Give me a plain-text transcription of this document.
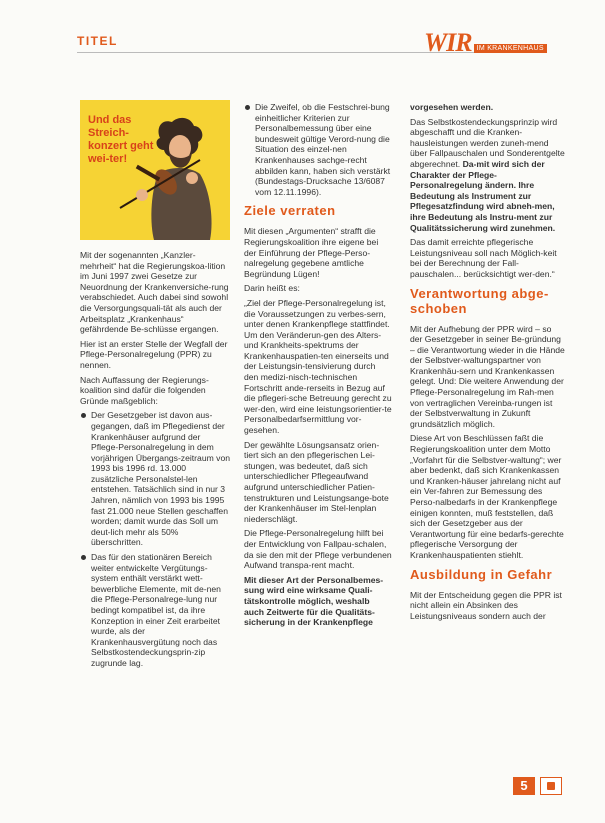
TITEL	WIR IM KRANKENHAUS
Und das Streich-konzert geht wei-ter!

Mit der sogenannten „Kanzler-mehrheit“ hat die Regierungskoa-lition im Juni 1997 zwei Gesetze zur Neuordnung der Krankenversiche-rung verabschiedet. Auch dabei sind sowohl die Versorgungsquali-tät als auch der Arbeitsplatz „Krankenhaus“ gefährdende Be-schlüsse ergangen.

Hier ist an erster Stelle der Wegfall der Pflege-Personalregelung (PPR) zu nennen.

Nach Auffassung der Regierungs-koalition sind dafür die folgenden Gründe maßgeblich:

Der Gesetzgeber ist davon aus-gegangen, daß im Pflegedienst der Krankenhäuser aufgrund der Pflege-Personalregelung in dem vorjährigen Übergangs-zeitraum von 1993 bis 1996 rd. 13.000 zusätzliche Personalstel-len entstehen. Tatsächlich sind in nur 3 Jahren, nämlich von 1993 bis 1995 fast 21.000 neue Stellen geschaffen worden; damit wurde das Soll um deut-lich mehr als 50% überschritten.
Das für den stationären Bereich weiter entwickelte Vergütungs-system enthält verstärkt wett-bewerbliche Elemente, mit de-nen die Pflege-Personalrege-lung nur bedingt kompatibel ist, da ihre Konzeption in einer Zeit erarbeitet wurde, als der Krankenhausvergütung noch das Selbstkostendeckungsprin-zip zugrunde lag.
Die Zweifel, ob die Festschrei-bung einheitlicher Kriterien zur Personalbemessung über eine bundesweit gültige Verord-nung die Situation des einzel-nen Krankenhauses sachge-recht abbilden kann, haben sich verstärkt (Bundestags-Drucksache 13/6087 vom 12.11.1996).
Ziele verraten

Mit diesen „Argumenten“ strafft die Regierungskoalition ihre eigene bei der Einführung der Pflege-Perso-nalregelung gegebene amtliche Begründung Lügen!

Darin heißt es:

„Ziel der Pflege-Personalregelung ist, die Voraussetzungen zu verbes-sern, unter denen Krankenpflege stattfindet. Um den Veränderun-gen des Alters- und Krankheits-spektrums der Krankenhauspatien-ten einerseits und der Leistungsin-tensivierung durch den medizi-nisch-technischen Fortschritt ande-rerseits in Bezug auf die pflegeri-sche Betreuung gerecht zu wer-den, wird eine leistungsorientier-te Personalbedarfsermittlung vor-gesehen.

Der gewählte Lösungsansatz orien-tiert sich an den pflegerischen Lei-stungen, was bedeutet, daß sich unterschiedlicher Pflegeaufwand aufgrund unterschiedlicher Patien-tenstrukturen und Leistungsange-bote der Krankenhäuser im Stel-lenplan niederschlägt.

Die Pflege-Personalregelung hilft bei der Entwicklung von Fallpau-schalen, da sie den mit der Pflege verbundenen Aufwand transpa-rent macht.

Mit dieser Art der Personalbemes-sung wird eine wirksame Quali-tätskontrolle möglich, weshalb auch Zeitwerte für die Qualitäts-sicherung in der Krankenpflege

vorgesehen werden.

Das Selbstkostendeckungsprinzip wird abgeschafft und die Kranken-hausleistungen werden zuneh-mend über Fallpauschalen und Sonderentgelte abgerechnet. Da-mit wird sich der Charakter der Pflege-Personalregelung ändern. Ihre Bedeutung als Instrument zur Pflegesatzfindung wird abneh-men, ihre Bedeutung als Instru-ment zur Qualitätssicherung wird zunehmen.

Das damit erreichte pflegerische Leistungsniveau soll nach Möglich-keit bei der Berechnung der Fall-pauschalen... berücksichtigt wer-den.“

Verantwortung abge-schoben

Mit der Aufhebung der PPR wird – so der Gesetzgeber in seiner Be-gründung – die Verantwortung wieder in die Hände der Selbstver-waltungspartner von Krankenhäu-sern und Krankenkassen gelegt. Und: Die weitere Anwendung der Pflege-Personalregelung im Rah-men von vertraglichen Vereinba-rungen ist der Selbstverwaltung in Zukunft grundsätzlich möglich.

Diese Art von Beschlüssen faßt die Regierungskoalition unter dem Motto „Vorfahrt für die Selbstver-waltung“; wer aber bedenkt, daß sich Krankenkassen und Kranken-häuser jahrelang nicht auf ein Ver-fahren zur Bemessung des Perso-nalbedarfs in der Krankenpflege einigen konnten, muß feststellen, daß sich der Gesetzgeber aus der Verantwortung für eine bedarfs-gerechte pflegerische Versorgung der Krankenhauspatienten stiehlt.

Ausbildung in Gefahr

Mit der Entscheidung gegen die PPR ist nicht allein ein Absinken des Leistungsniveaus sondern auch der

5
